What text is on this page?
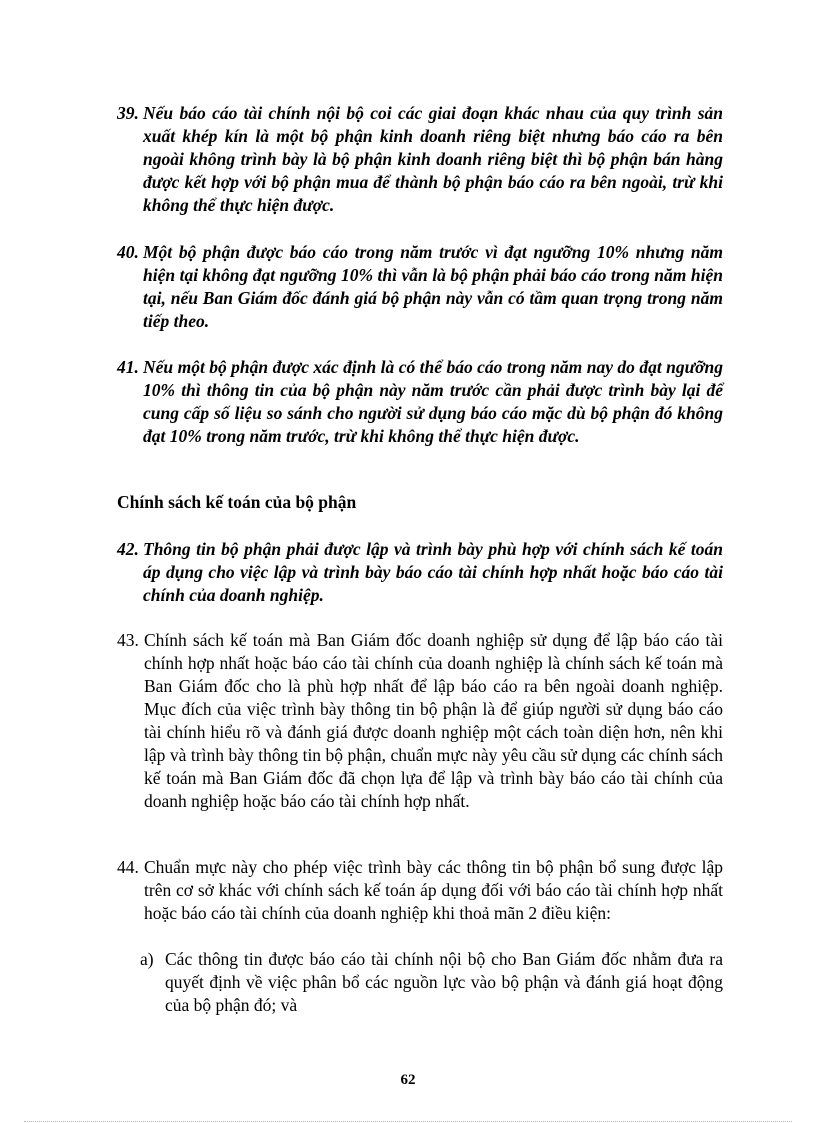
39. Nếu báo cáo tài chính nội bộ coi các giai đoạn khác nhau của quy trình sản xuất khép kín là một bộ phận kinh doanh riêng biệt nhưng báo cáo ra bên ngoài không trình bày là bộ phận kinh doanh riêng biệt thì bộ phận bán hàng được kết hợp với bộ phận mua để thành bộ phận báo cáo ra bên ngoài, trừ khi không thể thực hiện được.
40. Một bộ phận được báo cáo trong năm trước vì đạt ngưỡng 10% nhưng năm hiện tại không đạt ngưỡng 10% thì vẫn là bộ phận phải báo cáo trong năm hiện tại, nếu Ban Giám đốc đánh giá bộ phận này vẫn có tầm quan trọng trong năm tiếp theo.
41. Nếu một bộ phận được xác định là có thể báo cáo trong năm nay do đạt ngưỡng 10% thì thông tin của bộ phận này năm trước cần phải được trình bày lại để cung cấp số liệu so sánh cho người sử dụng báo cáo mặc dù bộ phận đó không đạt 10% trong năm trước, trừ khi không thể thực hiện được.
Chính sách kế toán của bộ phận
42. Thông tin bộ phận phải được lập và trình bày phù hợp với chính sách kế toán áp dụng cho việc lập và trình bày báo cáo tài chính hợp nhất hoặc báo cáo tài chính của doanh nghiệp.
43. Chính sách kế toán mà Ban Giám đốc doanh nghiệp sử dụng để lập báo cáo tài chính hợp nhất hoặc báo cáo tài chính của doanh nghiệp là chính sách kế toán mà Ban Giám đốc cho là phù hợp nhất để lập báo cáo ra bên ngoài doanh nghiệp. Mục đích của việc trình bày thông tin bộ phận là để giúp người sử dụng báo cáo tài chính hiểu rõ và đánh giá được doanh nghiệp một cách toàn diện hơn, nên khi lập và trình bày thông tin bộ phận, chuẩn mực này yêu cầu sử dụng các chính sách kế toán mà Ban Giám đốc đã chọn lựa để lập và trình bày báo cáo tài chính của doanh nghiệp hoặc báo cáo tài chính hợp nhất.
44. Chuẩn mực này cho phép việc trình bày các thông tin bộ phận bổ sung được lập trên cơ sở khác với chính sách kế toán áp dụng đối với báo cáo tài chính hợp nhất hoặc báo cáo tài chính của doanh nghiệp khi thoả mãn 2 điều kiện:
a) Các thông tin được báo cáo tài chính nội bộ cho Ban Giám đốc nhằm đưa ra quyết định về việc phân bổ các nguồn lực vào bộ phận và đánh giá hoạt động của bộ phận đó; và
62
